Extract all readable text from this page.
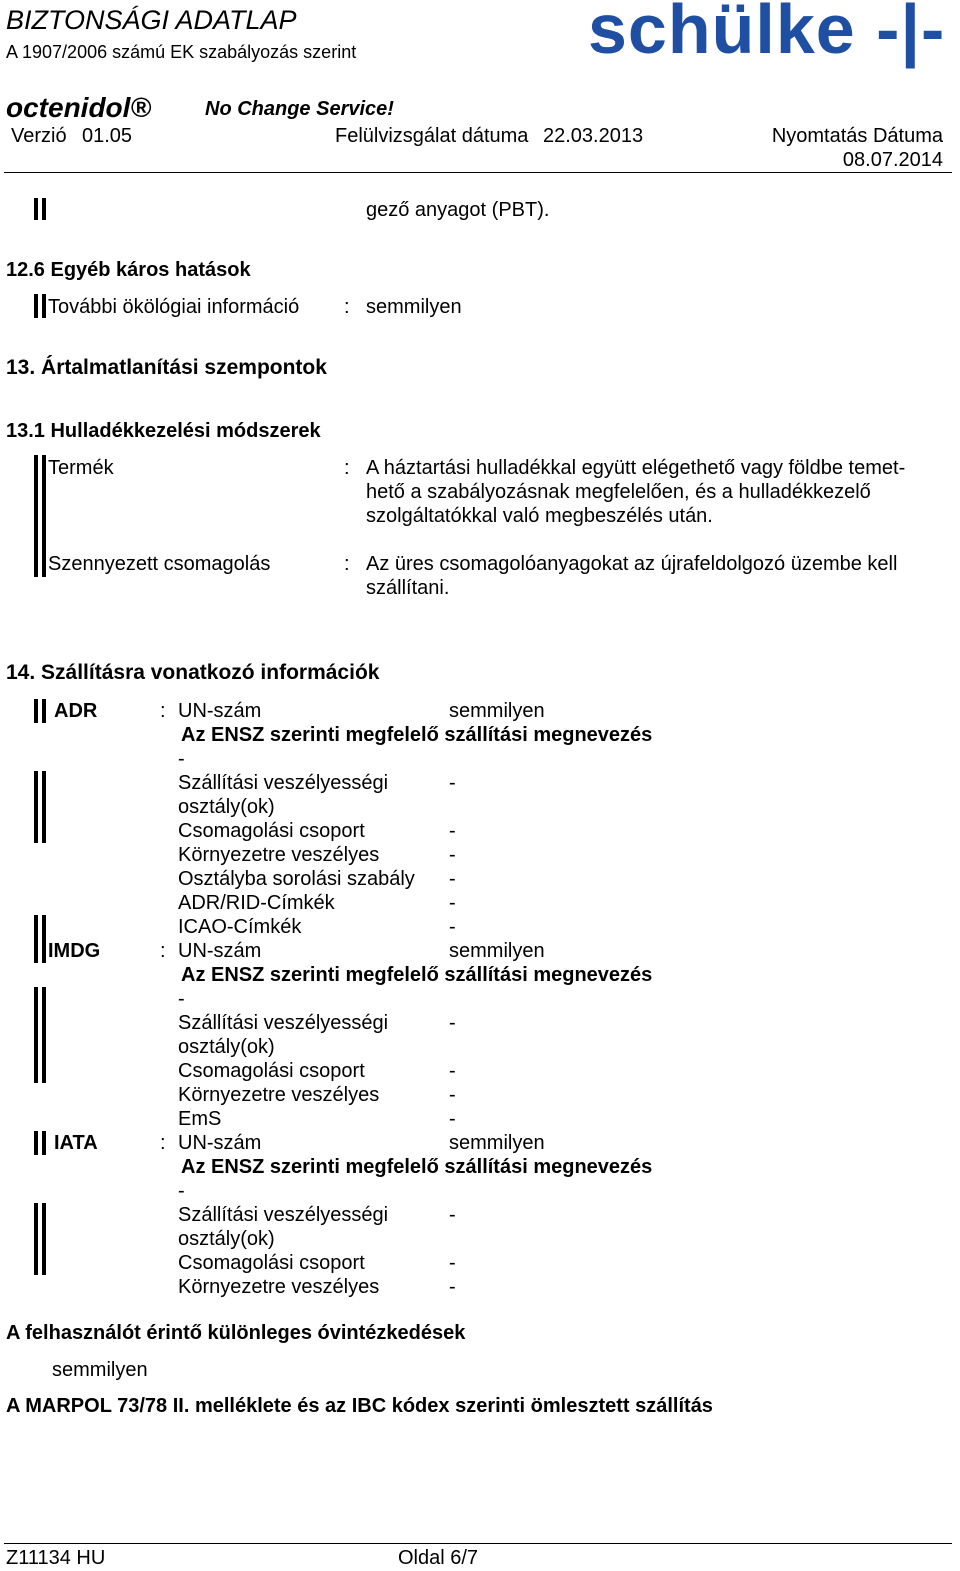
BIZTONSÁGI ADATLAP
A 1907/2006 számú EK szabályozás szerint	schülke -|-
octenidol®	No Change Service!
Verzió 01.05	Felülvizsgálat dátuma 22.03.2013	Nyomtatás Dátuma
08.07.2014
gező anyagot (PBT).
12.6 Egyéb káros hatások
További ökölógiai információ : semmilyen
13. Ártalmatlanítási szempontok
13.1 Hulladékkezelési módszerek
Termék	: A háztartási hulladékkal együtt elégethető vagy földbe temet-
hető a szabályozásnak megfelelően, és a hulladékkezelő
szolgáltatókkal való megbeszélés után.
Szennyezett csomagolás	: Az üres csomagolóanyagokat az újrafeldolgozó üzembe kell
szállítani.
14. Szállításra vonatkozó információk
ADR	: UN-szám	semmilyen
Az ENSZ szerinti megfelelő szállítási megnevezés
-
Szállítási veszélyességi	-
osztály(ok)
Csomagolási csoport	-
Környezetre veszélyes	-
Osztályba sorolási szabály -
ADR/RID-Címkék	-
ICAO-Címkék	-
IMDG	: UN-szám	semmilyen
Az ENSZ szerinti megfelelő szállítási megnevezés
-
Szállítási veszélyességi	-
osztály(ok)
Csomagolási csoport	-
Környezetre veszélyes	-
EmS	-
IATA	: UN-szám	semmilyen
Az ENSZ szerinti megfelelő szállítási megnevezés
-
Szállítási veszélyességi	-
osztály(ok)
Csomagolási csoport	-
Környezetre veszélyes	-
A felhasználót érintő különleges óvintézkedések
semmilyen
A MARPOL 73/78 II. melléklete és az IBC kódex szerinti ömlesztett szállítás
Z11134 HU	Oldal 6/7
